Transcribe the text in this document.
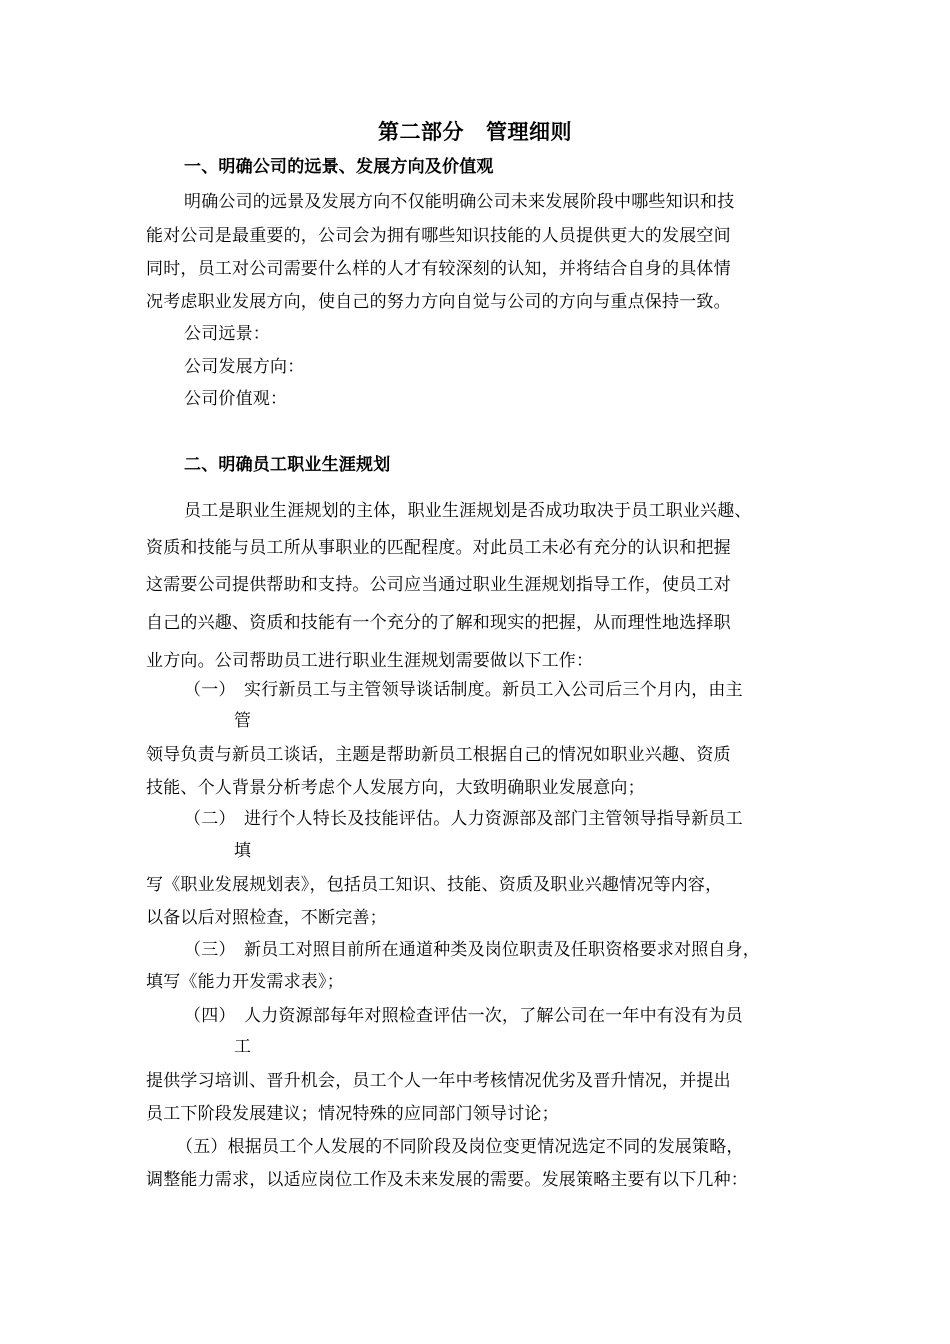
第二部分 管理细则
一、明确公司的远景、发展方向及价值观
明确公司的远景及发展方向不仅能明确公司未来发展阶段中哪些知识和技
能对公司是最重要的，公司会为拥有哪些知识技能的人员提供更大的发展空间
同时，员工对公司需要什么样的人才有较深刻的认知，并将结合自身的具体情
况考虑职业发展方向，使自己的努力方向自觉与公司的方向与重点保持一致。
公司远景：
公司发展方向：
公司价值观：
二、明确员工职业生涯规划
员工是职业生涯规划的主体，职业生涯规划是否成功取决于员工职业兴趣、
资质和技能与员工所从事职业的匹配程度。对此员工未必有充分的认识和把握
这需要公司提供帮助和支持。公司应当通过职业生涯规划指导工作，使员工对
自己的兴趣、资质和技能有一个充分的了解和现实的把握，从而理性地选择职
业方向。公司帮助员工进行职业生涯规划需要做以下工作：
（一） 实行新员工与主管领导谈话制度。新员工入公司后三个月内，由主
管
领导负责与新员工谈话，主题是帮助新员工根据自己的情况如职业兴趣、资质
技能、个人背景分析考虑个人发展方向，大致明确职业发展意向；
（二） 进行个人特长及技能评估。人力资源部及部门主管领导指导新员工
填
写《职业发展规划表》，包括员工知识、技能、资质及职业兴趣情况等内容，
以备以后对照检查，不断完善；
（三） 新员工对照目前所在通道种类及岗位职责及任职资格要求对照自身，
填写《能力开发需求表》；
（四） 人力资源部每年对照检查评估一次，了解公司在一年中有没有为员
工
提供学习培训、晋升机会，员工个人一年中考核情况优劣及晋升情况，并提出
员工下阶段发展建议；情况特殊的应同部门领导讨论；
（五）根据员工个人发展的不同阶段及岗位变更情况选定不同的发展策略，
调整能力需求，以适应岗位工作及未来发展的需要。发展策略主要有以下几种：
